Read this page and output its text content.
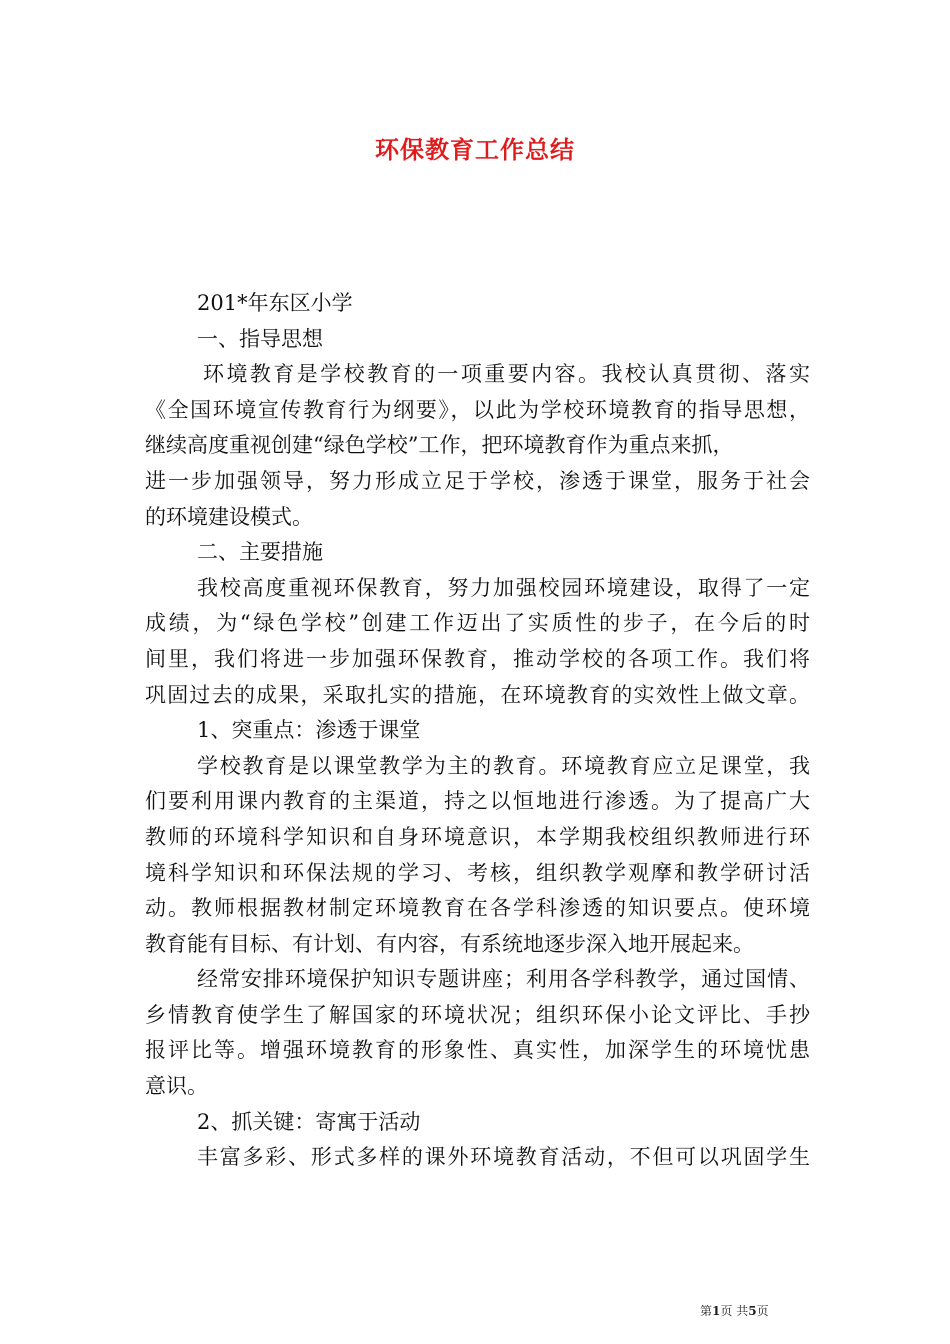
环保教育工作总结
201*年东区小学
一、指导思想
环境教育是学校教育的一项重要内容。我校认真贯彻、落实
《全国环境宣传教育行为纲要》，以此为学校环境教育的指导思想，
继续高度重视创建“绿色学校”工作，把环境教育作为重点来抓，
进一步加强领导，努力形成立足于学校，渗透于课堂，服务于社会
的环境建设模式。
二、主要措施
我校高度重视环保教育，努力加强校园环境建设，取得了一定
成绩，为“绿色学校”创建工作迈出了实质性的步子，在今后的时
间里，我们将进一步加强环保教育，推动学校的各项工作。我们将
巩固过去的成果，采取扎实的措施，在环境教育的实效性上做文章。
1、突重点：渗透于课堂
学校教育是以课堂教学为主的教育。环境教育应立足课堂，我
们要利用课内教育的主渠道，持之以恒地进行渗透。为了提高广大
教师的环境科学知识和自身环境意识，本学期我校组织教师进行环
境科学知识和环保法规的学习、考核，组织教学观摩和教学研讨活
动。教师根据教材制定环境教育在各学科渗透的知识要点。使环境
教育能有目标、有计划、有内容，有系统地逐步深入地开展起来。
经常安排环境保护知识专题讲座；利用各学科教学，通过国情、
乡情教育使学生了解国家的环境状况；组织环保小论文评比、手抄
报评比等。增强环境教育的形象性、真实性，加深学生的环境忧患
意识。
2、抓关键：寄寓于活动
丰富多彩、形式多样的课外环境教育活动，不但可以巩固学生
第1页 共5页
